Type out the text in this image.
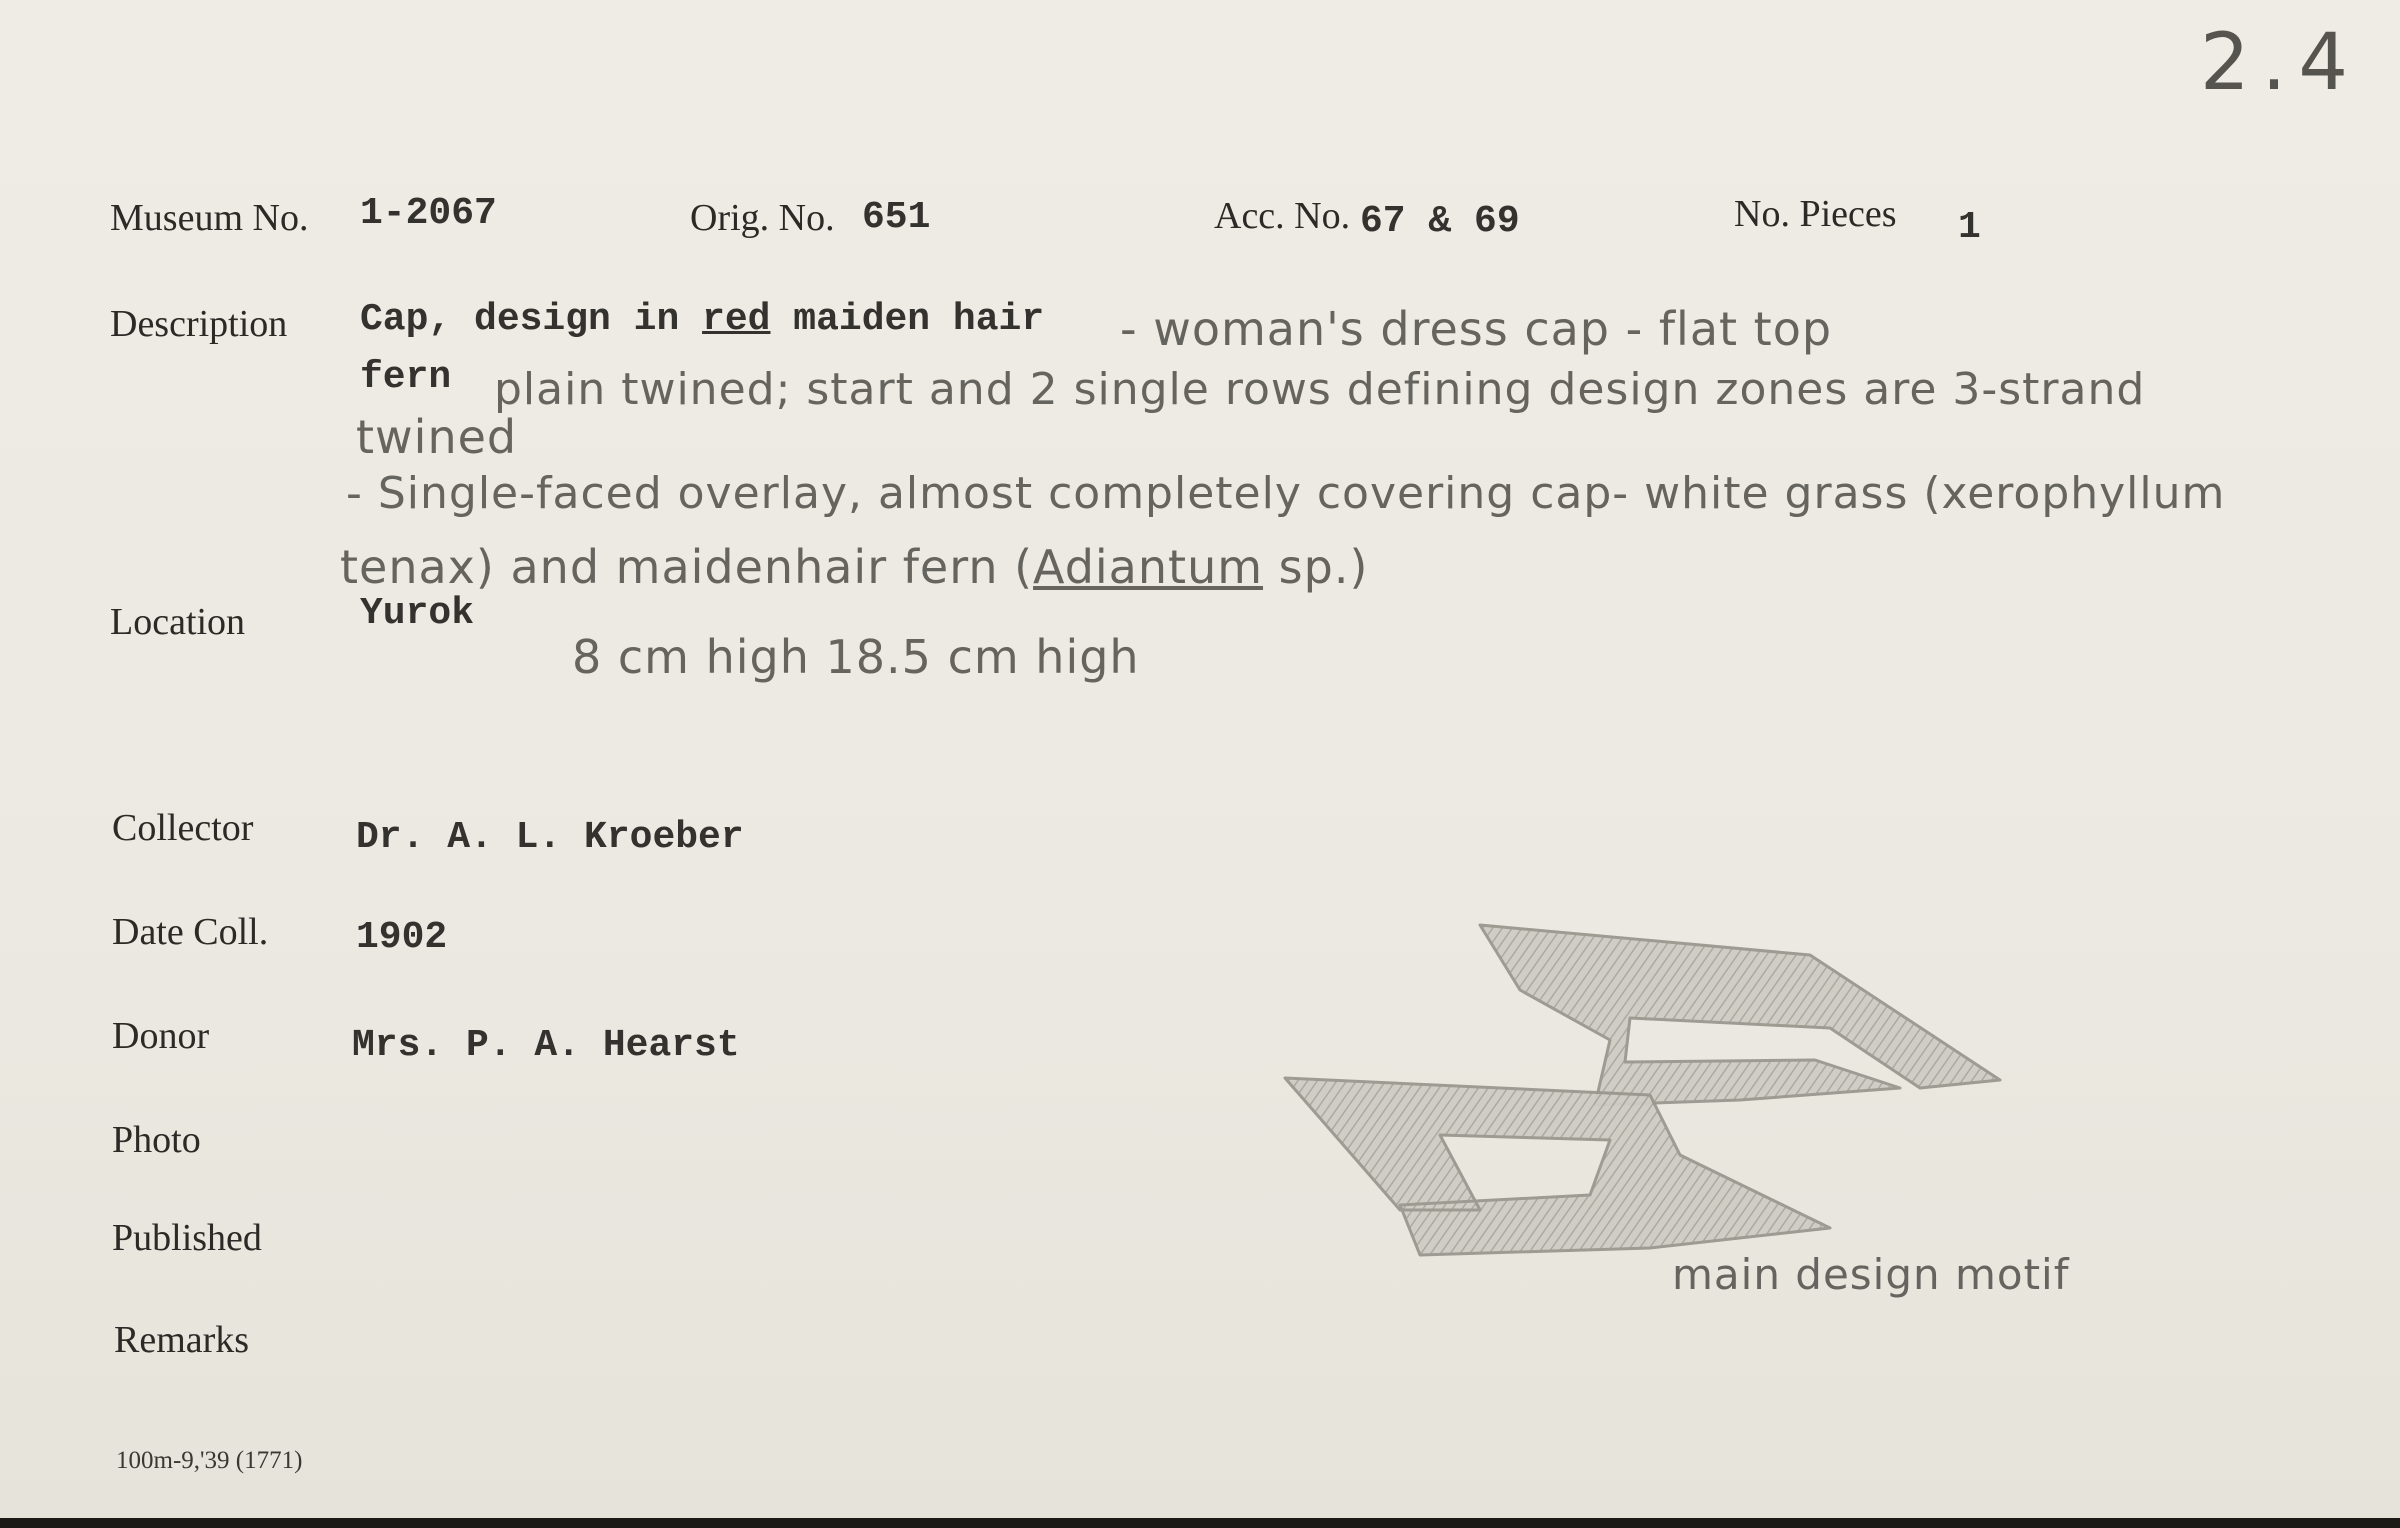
2.4
Museum No. 1-2067	Orig. No. 651	Acc. No. 67 & 69	No. Pieces 1
Description Cap, design in red maiden hair
fern
- woman's dress cap - flat top
plain twined; start and 2 single rows defining design zones are 3-strand
twined
- Single-faced overlay, almost completely covering cap- white grass (xerophyllum
tenax) and maidenhair fern (Adiantum sp.)
Location	Yurok
8 cm high 18.5 cm high
Collector	Dr. A. L. Kroeber
Date Coll. 1902
Donor	Mrs. P. A. Hearst
Photo
Published
Remarks
main design motif
100m-9,'39 (1771)
